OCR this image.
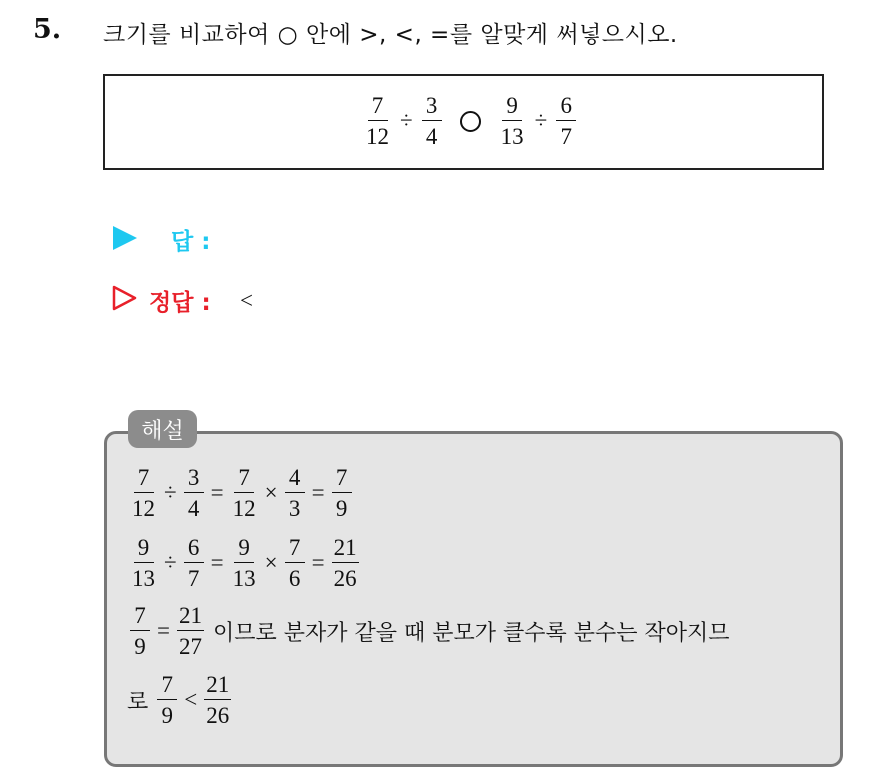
5. 크기를 비교하여 ○ 안에 >, <, =를 알맞게 써넣으시오.
$\frac{7}{12} \div \frac{3}{4} \frac{9}{13} \div \frac{6}{7}$
답 :
정답 : <
해설
$\frac{7}{12} \div \frac{3}{4} = \frac{7}{12} \times \frac{4}{3} = \frac{7}{9}$
$\frac{9}{13} \div \frac{6}{7} = \frac{9}{13} \times \frac{7}{6} = \frac{21}{26}$
$\frac{7}{9} = \frac{21}{27}$ 이므로 분자가 같을 때 분모가 클수록 분수는 작아지므
로 $\frac{7}{9} < \frac{21}{26}$
